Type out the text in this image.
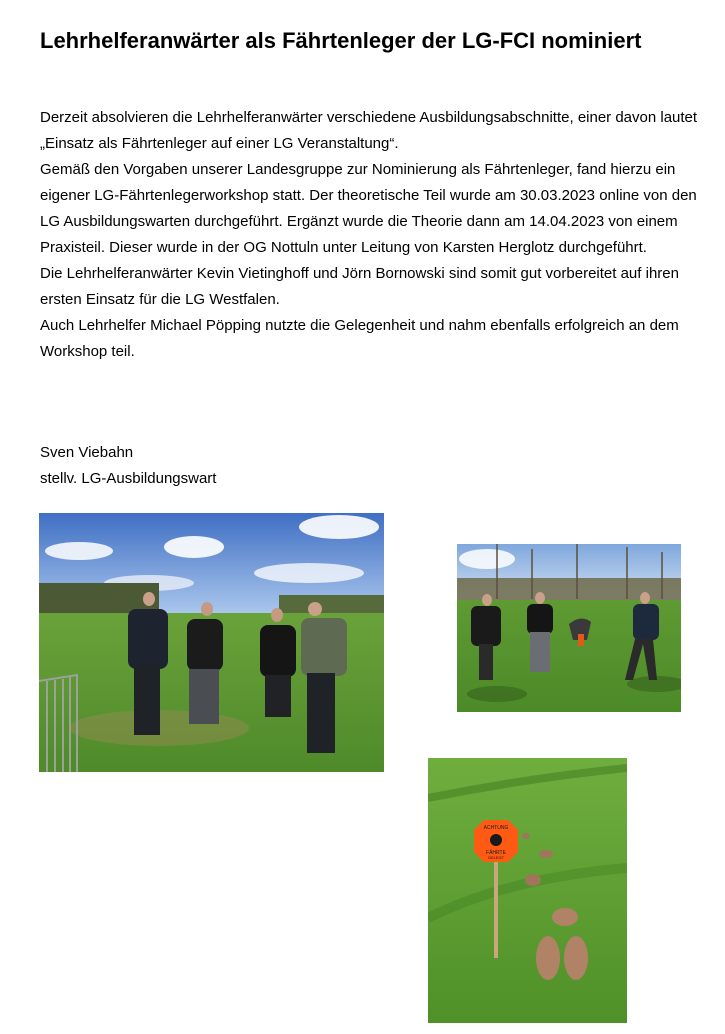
Lehrhelferanwärter als Fährtenleger der LG-FCI nominiert

Derzeit absolvieren die Lehrhelferanwärter verschiedene Ausbildungsabschnitte, einer davon lautet „Einsatz als Fährtenleger auf einer LG Veranstaltung“.

Gemäß den Vorgaben unserer Landesgruppe zur Nominierung als Fährtenleger, fand hierzu ein eigener LG-Fährtenlegerworkshop statt. Der theoretische Teil wurde am 30.03.2023 online von den LG Ausbildungswarten durchgeführt. Ergänzt wurde die Theorie dann am 14.04.2023 von einem Praxisteil. Dieser wurde in der OG Nottuln unter Leitung von Karsten Herglotz durchgeführt.

Die Lehrhelferanwärter Kevin Vietinghoff und Jörn Bornowski sind somit gut vorbereitet auf ihren ersten Einsatz für die LG Westfalen.

Auch Lehrhelfer Michael Pöpping nutzte die Gelegenheit und nahm ebenfalls erfolgreich an dem Workshop teil.

Sven Viebahn

stellv. LG-Ausbildungswart

ACHTUNG
FÄHRTE
GELEGT
